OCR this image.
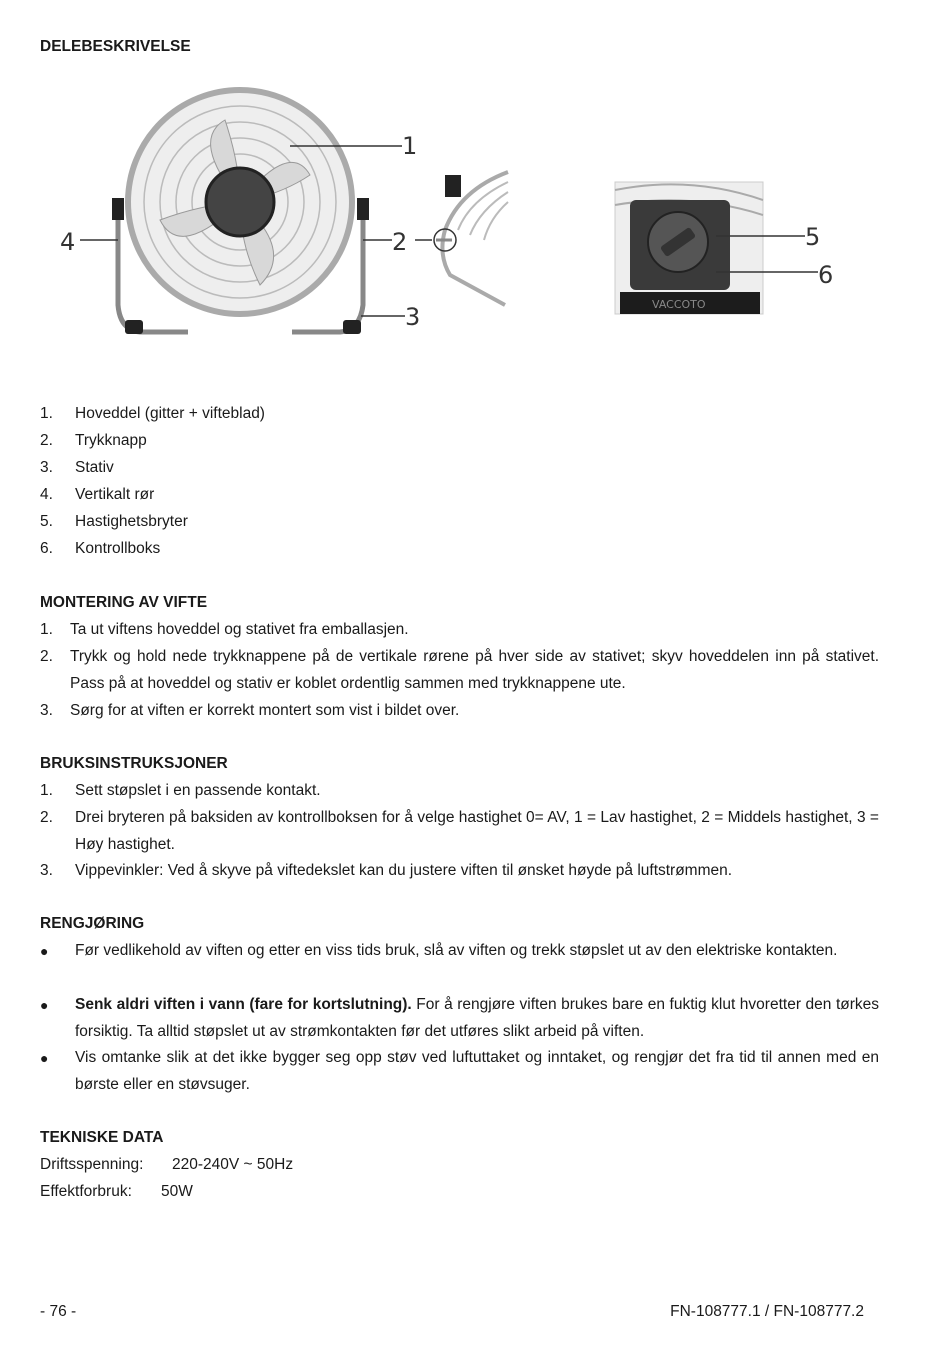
DELEBESKRIVELSE
1
2
3
4
VACCOTO
5
6
1. Hoveddel (gitter + vifteblad)
2. Trykknapp
3. Stativ
4. Vertikalt rør
5. Hastighetsbryter
6. Kontrollboks
MONTERING AV VIFTE
1. Ta ut viftens hoveddel og stativet fra emballasjen.
2. Trykk og hold nede trykknappene på de vertikale rørene på hver side av stativet; skyv hoveddelen inn på stativet. Pass på at hoveddel og stativ er koblet ordentlig sammen med trykknappene ute.
3. Sørg for at viften er korrekt montert som vist i bildet over.
BRUKSINSTRUKSJONER
1. Sett støpslet i en passende kontakt.
2. Drei bryteren på baksiden av kontrollboksen for å velge hastighet 0= AV, 1 = Lav hastighet, 2 = Middels hastighet, 3 = Høy hastighet.
3. Vippevinkler: Ved å skyve på viftedekslet kan du justere viften til ønsket høyde på luftstrømmen.
RENGJØRING
● Før vedlikehold av viften og etter en viss tids bruk, slå av viften og trekk støpslet ut av den elektriske kontakten.
● Senk aldri viften i vann (fare for kortslutning). For å rengjøre viften brukes bare en fuktig klut hvoretter den tørkes forsiktig. Ta alltid støpslet ut av strømkontakten før det utføres slikt arbeid på viften.
● Vis omtanke slik at det ikke bygger seg opp støv ved luftuttaket og inntaket, og rengjør det fra tid til annen med en børste eller en støvsuger.
TEKNISKE DATA
Driftsspenning: 220-240V ~ 50Hz
Effektforbruk: 50W
- 76 -	FN-108777.1 / FN-108777.2
